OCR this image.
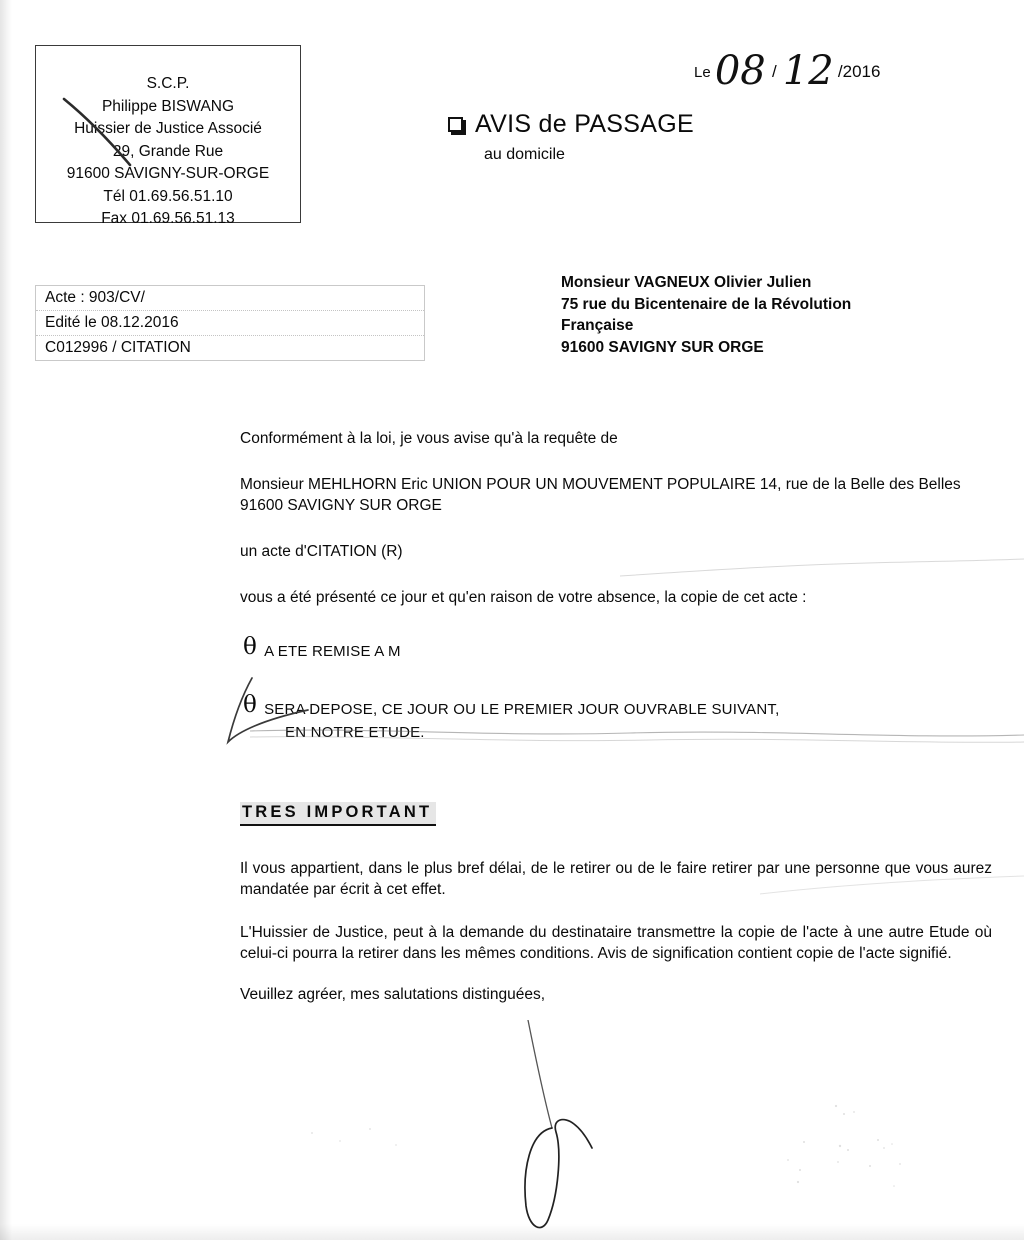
Le 08 / 12 /2016
S.C.P.
Philippe BISWANG
Huissier de Justice Associé
29, Grande Rue
91600 SAVIGNY-SUR-ORGE
Tél 01.69.56.51.10
Fax 01.69.56.51.13
AVIS de PASSAGE
au domicile
Acte : 903/CV/
Edité le 08.12.2016
C012996 / CITATION
Monsieur VAGNEUX Olivier Julien
75 rue du Bicentenaire de la Révolution
Française
91600 SAVIGNY SUR ORGE

Conformément à la loi, je vous avise qu'à la requête de

Monsieur MEHLHORN Eric UNION POUR UN MOUVEMENT POPULAIRE 14, rue de la Belle des Belles

91600 SAVIGNY SUR ORGE

un acte d'CITATION (R)

vous a été présenté ce jour et qu'en raison de votre absence, la copie de cet acte :

θ A ETE REMISE A M
θ SERA DEPOSE, CE JOUR OU LE PREMIER JOUR OUVRABLE SUIVANT,
EN NOTRE ETUDE.
TRES IMPORTANT
Il vous appartient, dans le plus bref délai, de le retirer ou de le faire retirer par une personne que vous aurez mandatée par écrit à cet effet.
L'Huissier de Justice, peut à la demande du destinataire transmettre la copie de l'acte à une autre Etude où celui-ci pourra la retirer dans les mêmes conditions. Avis de signification contient copie de l'acte signifié.
Veuillez agréer, mes salutations distinguées,
